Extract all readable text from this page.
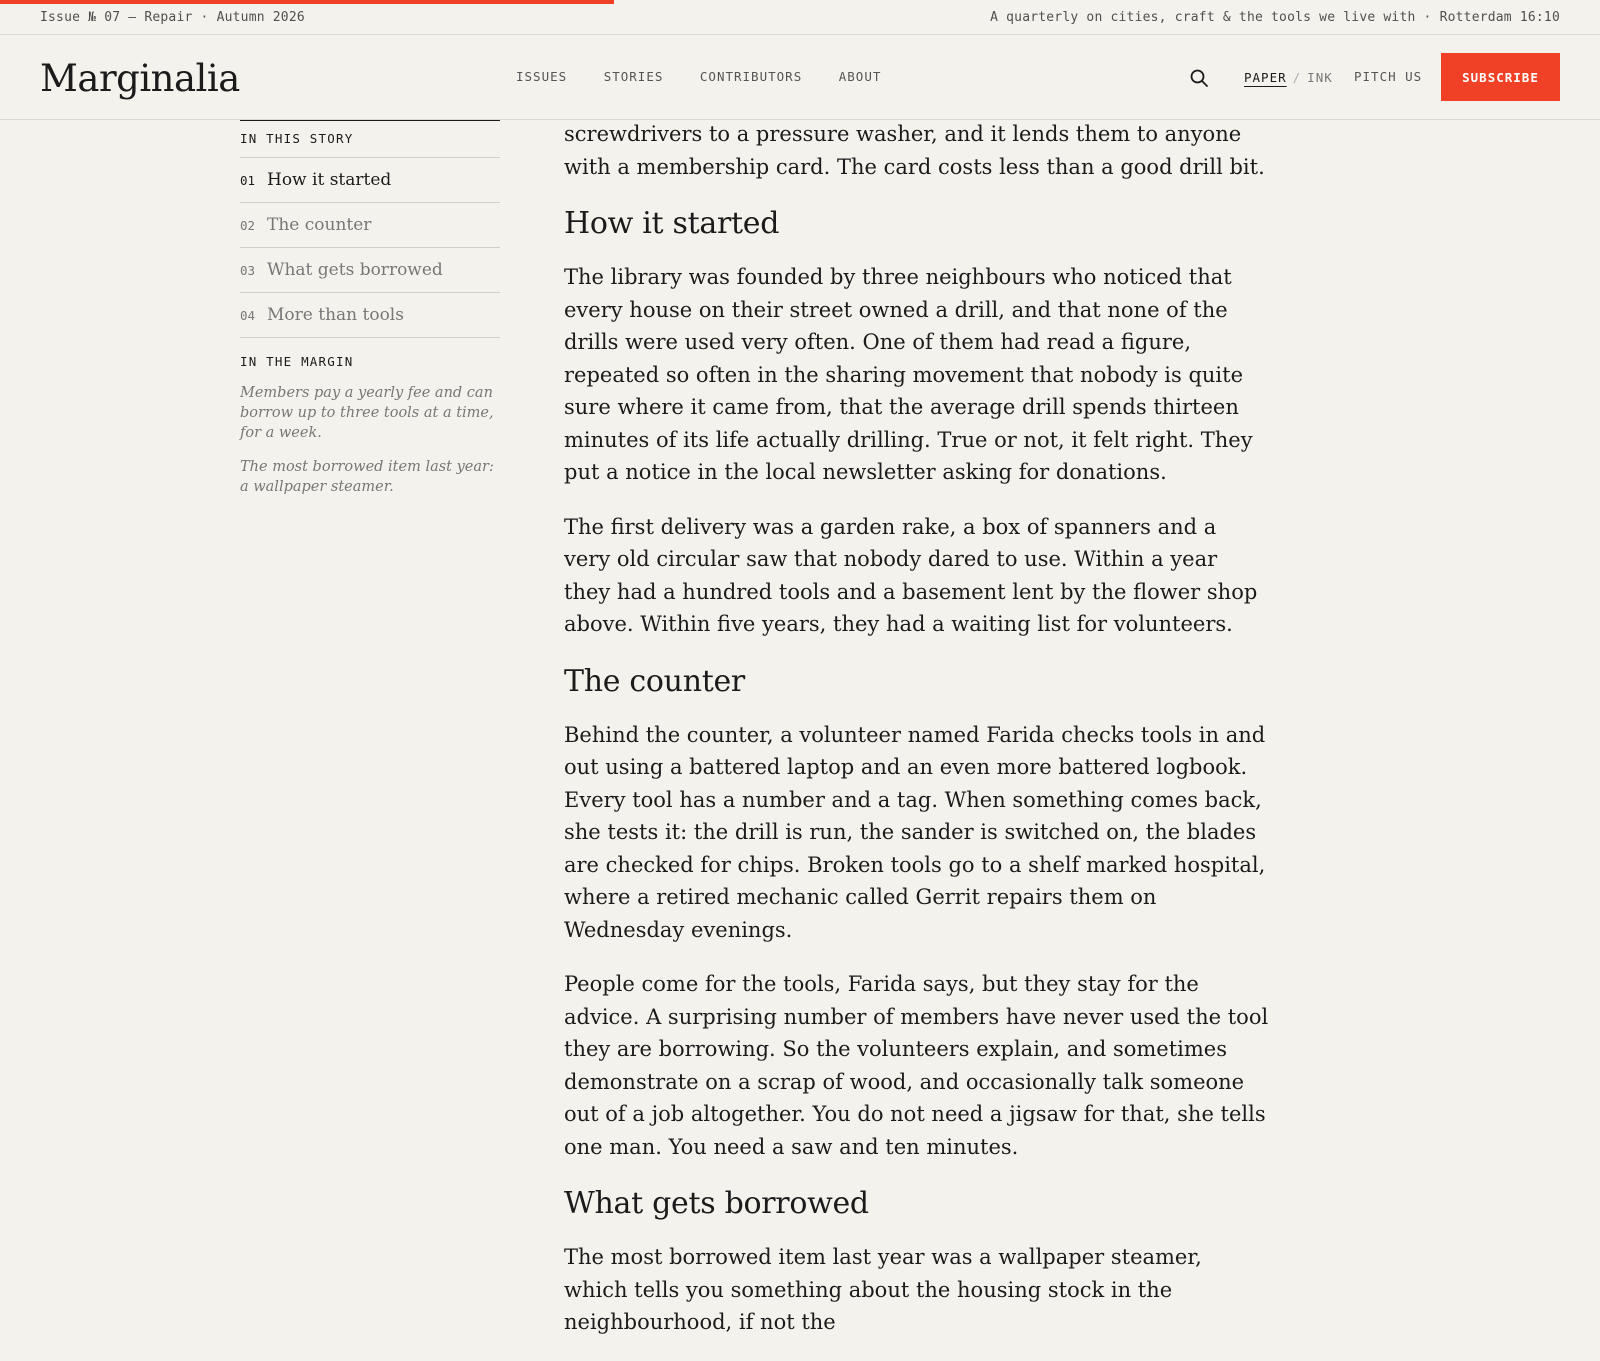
Issue № 07 — Repair · Autumn 2026	A quarterly on cities, craft & the tools we live with · Rotterdam 16:10
Marginalia	ISSUES	STORIES	CONTRIBUTORS	ABOUT	PAPER / INK PITCH US	SUBSCRIBE
IN THIS STORY
01 How it started
02 The counter
03 What gets borrowed
04 More than tools
IN THE MARGIN
Members pay a yearly fee and can borrow up to three tools at a time, for a week.
The most borrowed item last year: a wallpaper steamer.

screwdrivers to a pressure washer, and it lends them to anyone with a membership card. The card costs less than a good drill bit.

How it started

The library was founded by three neighbours who noticed that every house on their street owned a drill, and that none of the drills were used very often. One of them had read a figure, repeated so often in the sharing movement that nobody is quite sure where it came from, that the average drill spends thirteen minutes of its life actually drilling. True or not, it felt right. They put a notice in the local newsletter asking for donations.

The first delivery was a garden rake, a box of spanners and a very old circular saw that nobody dared to use. Within a year they had a hundred tools and a basement lent by the flower shop above. Within five years, they had a waiting list for volunteers.

The counter

Behind the counter, a volunteer named Farida checks tools in and out using a battered laptop and an even more battered logbook. Every tool has a number and a tag. When something comes back, she tests it: the drill is run, the sander is switched on, the blades are checked for chips. Broken tools go to a shelf marked hospital, where a retired mechanic called Gerrit repairs them on Wednesday evenings.

People come for the tools, Farida says, but they stay for the advice. A surprising number of members have never used the tool they are borrowing. So the volunteers explain, and sometimes demonstrate on a scrap of wood, and occasionally talk someone out of a job altogether. You do not need a jigsaw for that, she tells one man. You need a saw and ten minutes.

What gets borrowed

The most borrowed item last year was a wallpaper steamer, which tells you something about the housing stock in the neighbourhood, if not the
